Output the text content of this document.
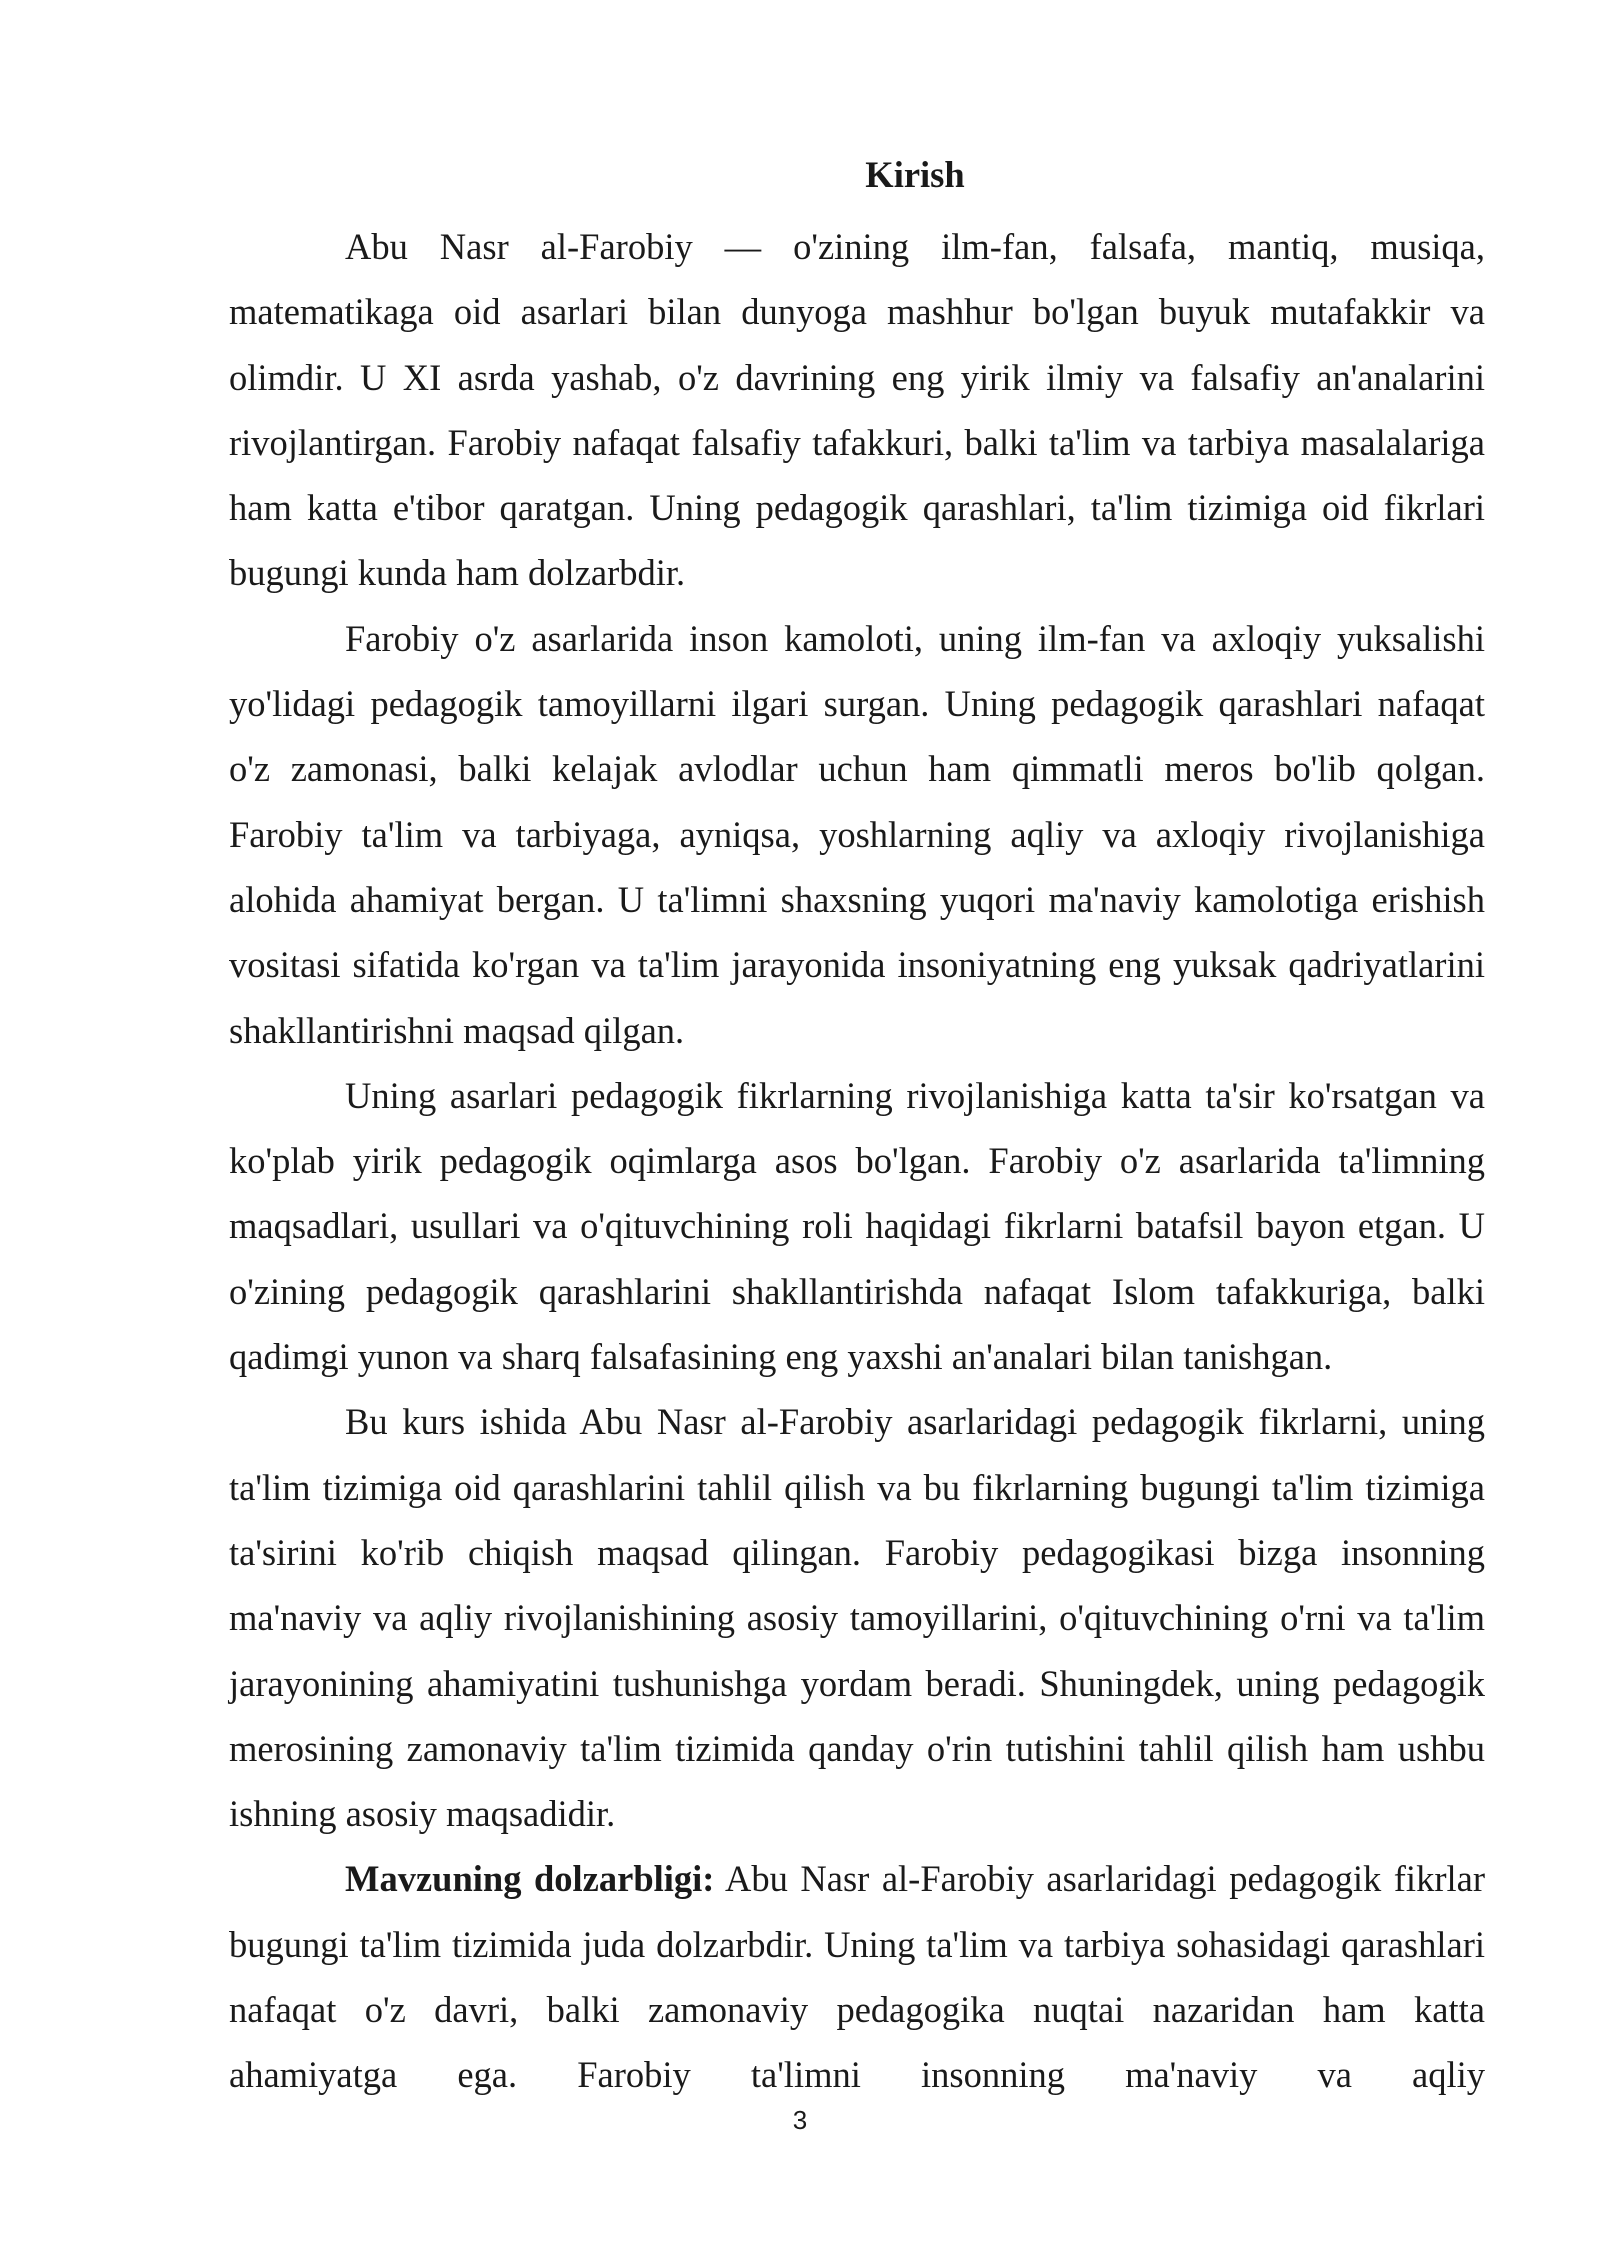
Kirish

Abu Nasr al-Farobiy — o'zining ilm-fan, falsafa, mantiq, musiqa, matematikaga oid asarlari bilan dunyoga mashhur bo'lgan buyuk mutafakkir va olimdir. U XI asrda yashab, o'z davrining eng yirik ilmiy va falsafiy an'analarini rivojlantirgan. Farobiy nafaqat falsafiy tafakkuri, balki ta'lim va tarbiya masalalariga ham katta e'tibor qaratgan. Uning pedagogik qarashlari, ta'lim tizimiga oid fikrlari bugungi kunda ham dolzarbdir.

Farobiy o'z asarlarida inson kamoloti, uning ilm-fan va axloqiy yuksalishi yo'lidagi pedagogik tamoyillarni ilgari surgan. Uning pedagogik qarashlari nafaqat o'z zamonasi, balki kelajak avlodlar uchun ham qimmatli meros bo'lib qolgan. Farobiy ta'lim va tarbiyaga, ayniqsa, yoshlarning aqliy va axloqiy rivojlanishiga alohida ahamiyat bergan. U ta'limni shaxsning yuqori ma'naviy kamolotiga erishish vositasi sifatida ko'rgan va ta'lim jarayonida insoniyatning eng yuksak qadriyatlarini shakllantirishni maqsad qilgan.

Uning asarlari pedagogik fikrlarning rivojlanishiga katta ta'sir ko'rsatgan va ko'plab yirik pedagogik oqimlarga asos bo'lgan. Farobiy o'z asarlarida ta'limning maqsadlari, usullari va o'qituvchining roli haqidagi fikrlarni batafsil bayon etgan. U o'zining pedagogik qarashlarini shakllantirishda nafaqat Islom tafakkuriga, balki qadimgi yunon va sharq falsafasining eng yaxshi an'analari bilan tanishgan.

Bu kurs ishida Abu Nasr al-Farobiy asarlaridagi pedagogik fikrlarni, uning ta'lim tizimiga oid qarashlarini tahlil qilish va bu fikrlarning bugungi ta'lim tizimiga ta'sirini ko'rib chiqish maqsad qilingan. Farobiy pedagogikasi bizga insonning ma'naviy va aqliy rivojlanishining asosiy tamoyillarini, o'qituvchining o'rni va ta'lim jarayonining ahamiyatini tushunishga yordam beradi. Shuningdek, uning pedagogik merosining zamonaviy ta'lim tizimida qanday o'rin tutishini tahlil qilish ham ushbu ishning asosiy maqsadidir.

Mavzuning dolzarbligi: Abu Nasr al-Farobiy asarlaridagi pedagogik fikrlar bugungi ta'lim tizimida juda dolzarbdir. Uning ta'lim va tarbiya sohasidagi qarashlari nafaqat o'z davri, balki zamonaviy pedagogika nuqtai nazaridan ham katta ahamiyatga ega. Farobiy ta'limni insonning ma'naviy va aqliy

3
